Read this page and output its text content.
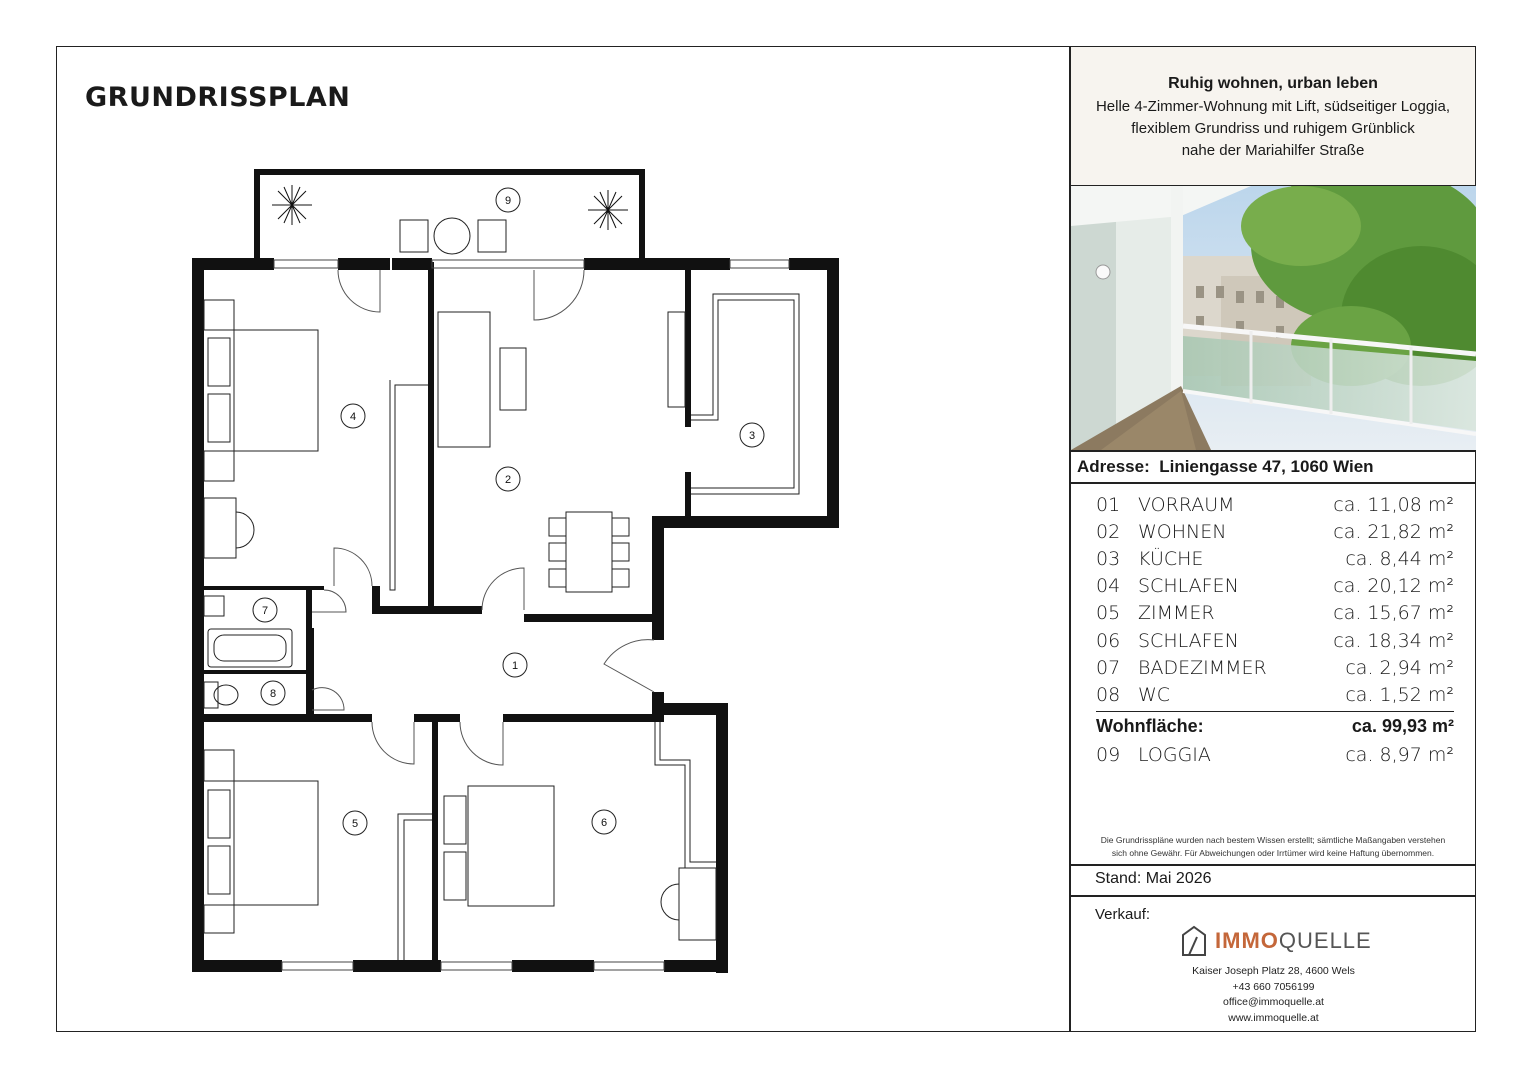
GRUNDRISSPLAN
1
2
3
4
5	6
7
8
9
Ruhig wohnen, urban leben
Helle 4-Zimmer-Wohnung mit Lift, südseitiger Loggia,
flexiblem Grundriss und ruhigem Grünblick
nahe der Mariahilfer Straße
Adresse: Liniengasse 47, 1060 Wien
01 VORRAUM	ca. 11,08 m²
02 WOHNEN	ca. 21,82 m²
03 KÜCHE	ca. 8,44 m²
04 SCHLAFEN	ca. 20,12 m²
05 ZIMMER	ca. 15,67 m²
06 SCHLAFEN	ca. 18,34 m²
07 BADEZIMMER	ca. 2,94 m²
08 WC	ca. 1,52 m²
Wohnfläche:	ca. 99,93 m²
09 LOGGIA	ca. 8,97 m²
Die Grundrisspläne wurden nach bestem Wissen erstellt; sämtliche Maßangaben verstehen
sich ohne Gewähr. Für Abweichungen oder Irrtümer wird keine Haftung übernommen.
Stand: Mai 2026
Verkauf:
IMMOQUELLE
Kaiser Joseph Platz 28, 4600 Wels
+43 660 7056199
office@immoquelle.at
www.immoquelle.at
